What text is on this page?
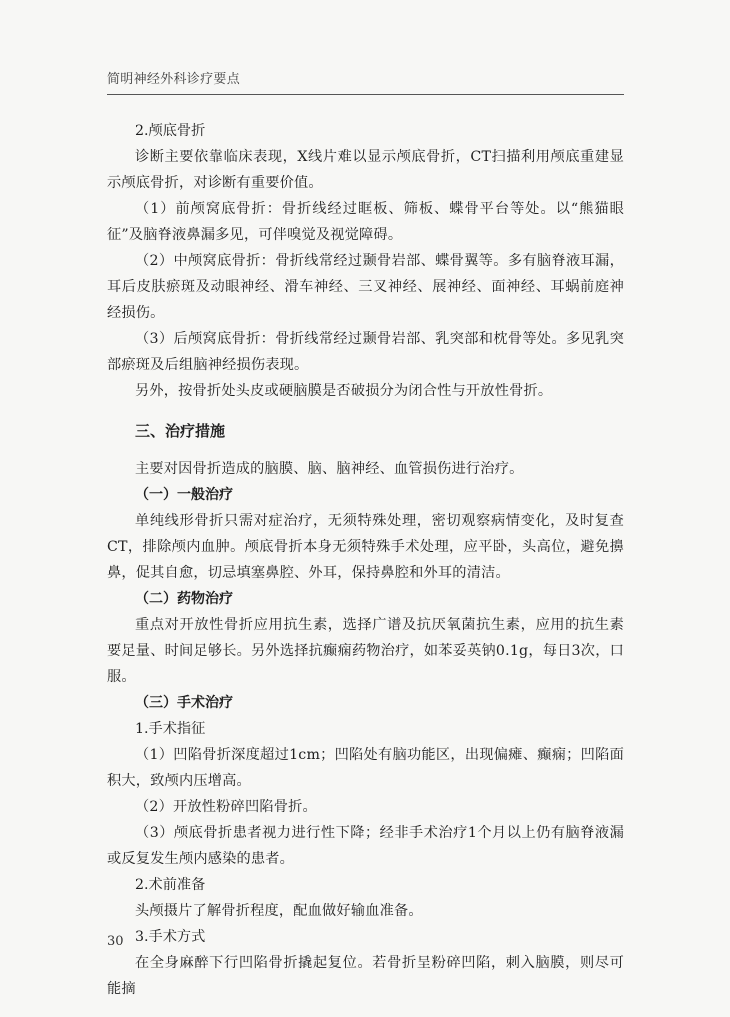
简明神经外科诊疗要点

2.颅底骨折

诊断主要依靠临床表现，X线片难以显示颅底骨折，CT扫描利用颅底重建显示颅底骨折，对诊断有重要价值。

（1）前颅窝底骨折：骨折线经过眶板、筛板、蝶骨平台等处。以“熊猫眼征”及脑脊液鼻漏多见，可伴嗅觉及视觉障碍。

（2）中颅窝底骨折：骨折线常经过颞骨岩部、蝶骨翼等。多有脑脊液耳漏，耳后皮肤瘀斑及动眼神经、滑车神经、三叉神经、展神经、面神经、耳蜗前庭神经损伤。

（3）后颅窝底骨折：骨折线常经过颞骨岩部、乳突部和枕骨等处。多见乳突部瘀斑及后组脑神经损伤表现。

另外，按骨折处头皮或硬脑膜是否破损分为闭合性与开放性骨折。

三、治疗措施

主要对因骨折造成的脑膜、脑、脑神经、血管损伤进行治疗。

（一）一般治疗

单纯线形骨折只需对症治疗，无须特殊处理，密切观察病情变化，及时复查CT，排除颅内血肿。颅底骨折本身无须特殊手术处理，应平卧，头高位，避免擤鼻，促其自愈，切忌填塞鼻腔、外耳，保持鼻腔和外耳的清洁。

（二）药物治疗

重点对开放性骨折应用抗生素，选择广谱及抗厌氧菌抗生素，应用的抗生素要足量、时间足够长。另外选择抗癫痫药物治疗，如苯妥英钠0.1g，每日3次，口服。

（三）手术治疗

1.手术指征

（1）凹陷骨折深度超过1cm；凹陷处有脑功能区，出现偏瘫、癫痫；凹陷面积大，致颅内压增高。

（2）开放性粉碎凹陷骨折。

（3）颅底骨折患者视力进行性下降；经非手术治疗1个月以上仍有脑脊液漏或反复发生颅内感染的患者。

2.术前准备

头颅摄片了解骨折程度，配血做好输血准备。

3.手术方式

在全身麻醉下行凹陷骨折撬起复位。若骨折呈粉碎凹陷，刺入脑膜，则尽可能摘

30
